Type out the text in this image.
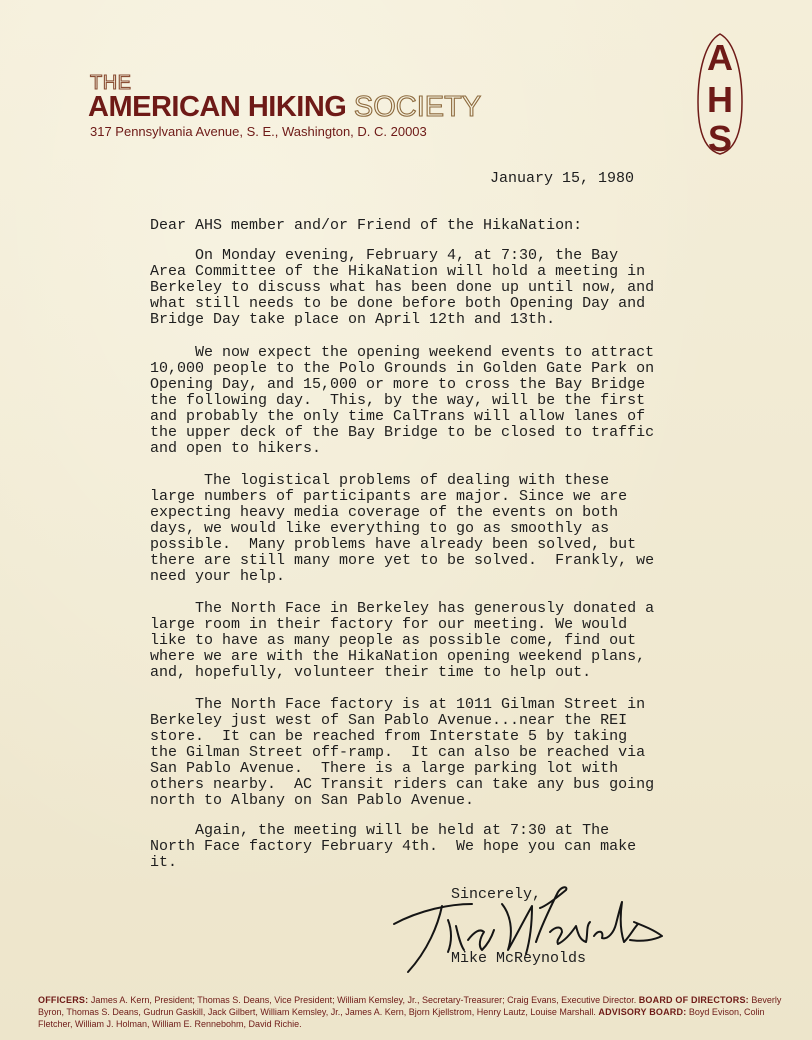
THE
AMERICAN HIKING SOCIETY
317 Pennsylvania Avenue, S. E., Washington, D. C. 20003
A
H
S
January 15, 1980
Dear AHS member and/or Friend of the HikaNation:

On Monday evening, February 4, at 7:30, the Bay
Area Committee of the HikaNation will hold a meeting in
Berkeley to discuss what has been done up until now, and
what still needs to be done before both Opening Day and
Bridge Day take place on April 12th and 13th.

We now expect the opening weekend events to attract
10,000 people to the Polo Grounds in Golden Gate Park on
Opening Day, and 15,000 or more to cross the Bay Bridge
the following day.  This, by the way, will be the first
and probably the only time CalTrans will allow lanes of
the upper deck of the Bay Bridge to be closed to traffic
and open to hikers.

The logistical problems of dealing with these
large numbers of participants are major. Since we are
expecting heavy media coverage of the events on both
days, we would like everything to go as smoothly as
possible.  Many problems have already been solved, but
there are still many more yet to be solved.  Frankly, we
need your help.

The North Face in Berkeley has generously donated a
large room in their factory for our meeting. We would
like to have as many people as possible come, find out
where we are with the HikaNation opening weekend plans,
and, hopefully, volunteer their time to help out.

The North Face factory is at 1011 Gilman Street in
Berkeley just west of San Pablo Avenue...near the REI
store.  It can be reached from Interstate 5 by taking
the Gilman Street off-ramp.  It can also be reached via
San Pablo Avenue.  There is a large parking lot with
others nearby.  AC Transit riders can take any bus going
north to Albany on San Pablo Avenue.

Again, the meeting will be held at 7:30 at The
North Face factory February 4th.  We hope you can make
it.

Sincerely,
Mike McReynolds
OFFICERS: James A. Kern, President; Thomas S. Deans, Vice President; William Kemsley, Jr., Secretary-Treasurer; Craig Evans, Executive Director. BOARD OF DIRECTORS: Beverly Byron, Thomas S. Deans, Gudrun Gaskill, Jack Gilbert, William Kemsley, Jr., James A. Kern, Bjorn Kjellstrom, Henry Lautz, Louise Marshall. ADVISORY BOARD: Boyd Evison, Colin Fletcher, William J. Holman, William E. Rennebohm, David Richie.
